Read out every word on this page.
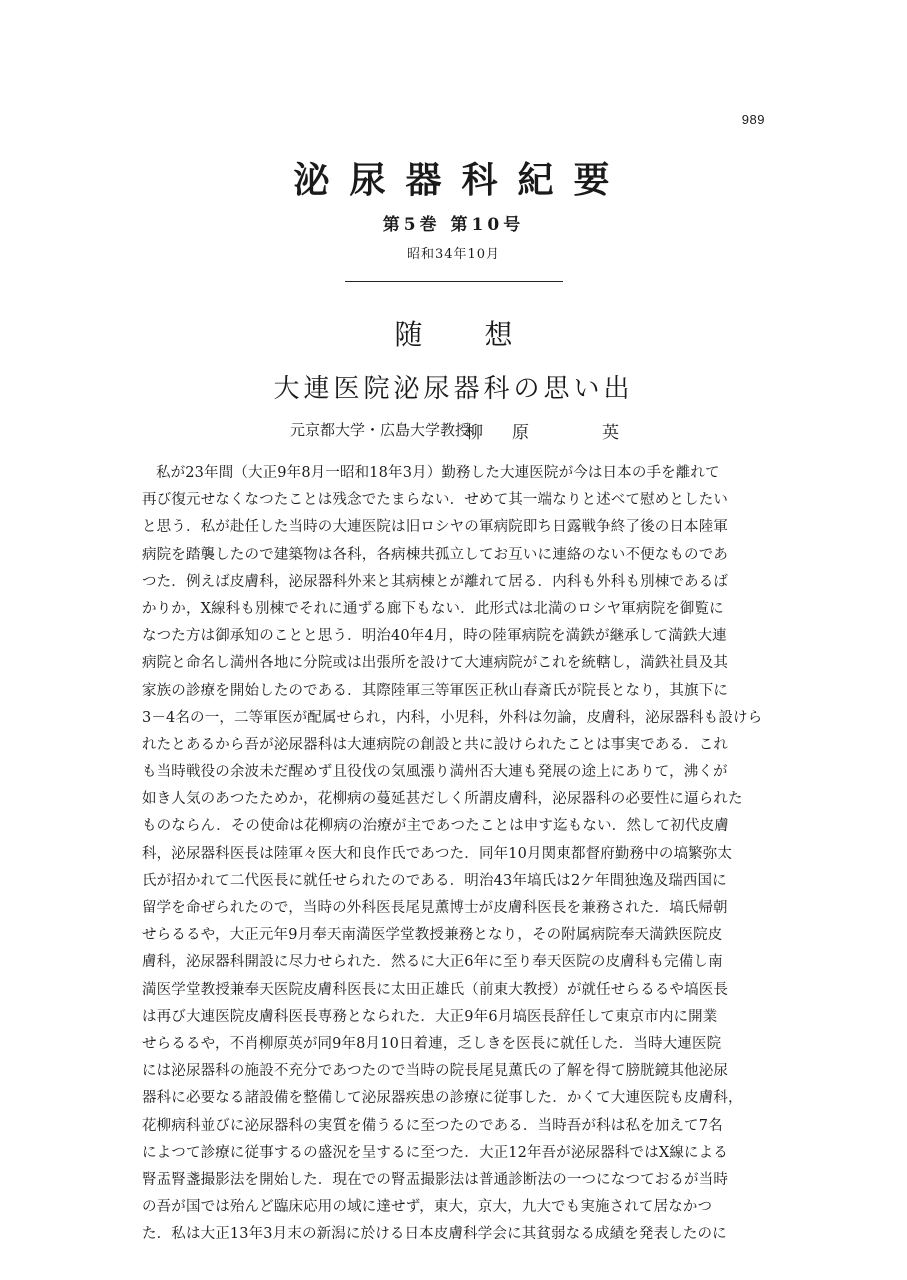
989
泌尿器科紀要
第5巻 第10号
昭和34年10月
随想
大連医院泌尿器科の思い出
元京都大学・広島大学教授
柳 原	英
私が23年間（大正9年8月一昭和18年3月）勤務した大連医院が今は日本の手を離れて
再び復元せなくなつたことは残念でたまらない．せめて其一端なりと述べて慰めとしたい
と思う．私が赴任した当時の大連医院は旧ロシヤの軍病院即ち日露戦争終了後の日本陸軍
病院を踏襲したので建築物は各科，各病棟共孤立してお互いに連絡のない不便なものであ
つた．例えば皮膚科，泌尿器科外来と其病棟とが離れて居る．内科も外科も別棟であるば
かりか，X線科も別棟でそれに通ずる廊下もない．此形式は北満のロシヤ軍病院を御覧に
なつた方は御承知のことと思う．明治40年4月，時の陸軍病院を満鉄が継承して満鉄大連
病院と命名し満州各地に分院或は出張所を設けて大連病院がこれを統轄し，満鉄社員及其
家族の診療を開始したのである．其際陸軍三等軍医正秋山春斎氏が院長となり，其旗下に
3－4名の一，二等軍医が配属せられ，内科，小児科，外科は勿論，皮膚科，泌尿器科も設けら
れたとあるから吾が泌尿器科は大連病院の創設と共に設けられたことは事実である．これ
も当時戦役の余波未だ醒めず且役伐の気風漲り満州否大連も発展の途上にありて，沸くが
如き人気のあつたためか，花柳病の蔓延甚だしく所謂皮膚科，泌尿器科の必要性に逼られた
ものならん．その使命は花柳病の治療が主であつたことは申す迄もない．然して初代皮膚
科，泌尿器科医長は陸軍々医大和良作氏であつた．同年10月関東都督府勤務中の塙繁弥太
氏が招かれて二代医長に就任せられたのである．明治43年塙氏は2ケ年間独逸及瑞西国に
留学を命ぜられたので，当時の外科医長尾見薫博士が皮膚科医長を兼務された．塙氏帰朝
せらるるや，大正元年9月奉天南満医学堂教授兼務となり，その附属病院奉天満鉄医院皮
膚科，泌尿器科開設に尽力せられた．然るに大正6年に至り奉天医院の皮膚科も完備し南
満医学堂教授兼奉天医院皮膚科医長に太田正雄氏（前東大教授）が就任せらるるや塙医長
は再び大連医院皮膚科医長専務となられた．大正9年6月塙医長辞任して東京市内に開業
せらるるや，不肖柳原英が同9年8月10日着連，乏しきを医長に就任した．当時大連医院
には泌尿器科の施設不充分であつたので当時の院長尾見薫氏の了解を得て膀胱鏡其他泌尿
器科に必要なる諸設備を整備して泌尿器疾患の診療に従事した．かくて大連医院も皮膚科，
花柳病科並びに泌尿器科の実質を備うるに至つたのである．当時吾が科は私を加えて7名
によつて診療に従事するの盛況を呈するに至つた．大正12年吾が泌尿器科ではX線による
腎盂腎盞撮影法を開始した．現在での腎盂撮影法は普通診断法の一つになつておるが当時
の吾が国では殆んど臨床応用の域に達せず，東大，京大，九大でも実施されて居なかつ
た．私は大正13年3月末の新潟に於ける日本皮膚科学会に其貧弱なる成績を発表したのに
